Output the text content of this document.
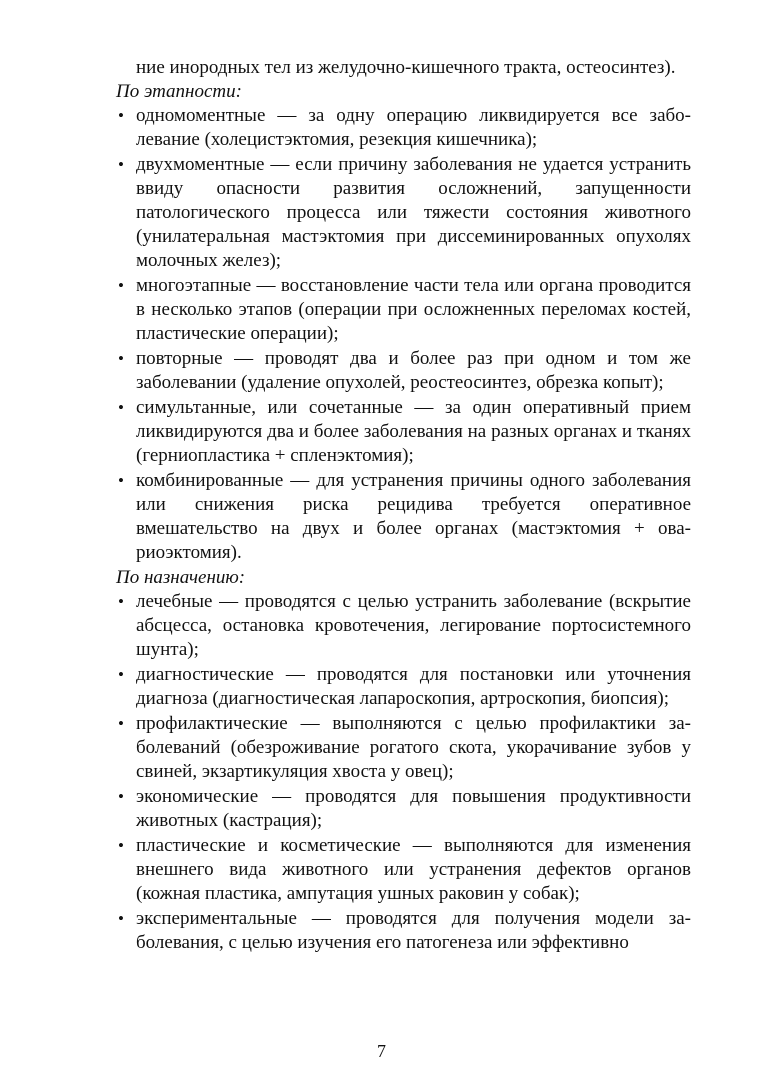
ние инородных тел из желудочно-кишечного тракта, остеосинтез).

По этапности:

• одномоментные — за одну операцию ликвидируется все заболевание (холецистэктомия, резекция кишечника);
• двухмоментные — если причину заболевания не удается устранить ввиду опасности развития осложнений, запущенности патологического процесса или тяжести состояния животного (унилатеральная мастэктомия при диссеминированных опухолях молочных желез);
• многоэтапные — восстановление части тела или органа проводится в несколько этапов (операции при осложненных переломах костей, пластические операции);
• повторные — проводят два и более раз при одном и том же заболевании (удаление опухолей, реостеосинтез, обрезка копыт);
• симультанные, или сочетанные — за один оперативный прием ликвидируются два и более заболевания на разных органах и тканях (герниопластика + спленэктомия);
• комбинированные — для устранения причины одного заболевания или снижения риска рецидива требуется оперативное вмешательство на двух и более органах (мастэктомия + овариоэктомия).

По назначению:

• лечебные — проводятся с целью устранить заболевание (вскрытие абсцесса, остановка кровотечения, легирование портосистемного шунта);
• диагностические — проводятся для постановки или уточнения диагноза (диагностическая лапароскопия, артроскопия, биопсия);
• профилактические — выполняются с целью профилактики заболеваний (обезроживание рогатого скота, укорачивание зубов у свиней, экзартикуляция хвоста у овец);
• экономические — проводятся для повышения продуктивности животных (кастрация);
• пластические и косметические — выполняются для изменения внешнего вида животного или устранения дефектов органов (кожная пластика, ампутация ушных раковин у собак);
• экспериментальные — проводятся для получения модели заболевания, с целью изучения его патогенеза или эффективно
7
